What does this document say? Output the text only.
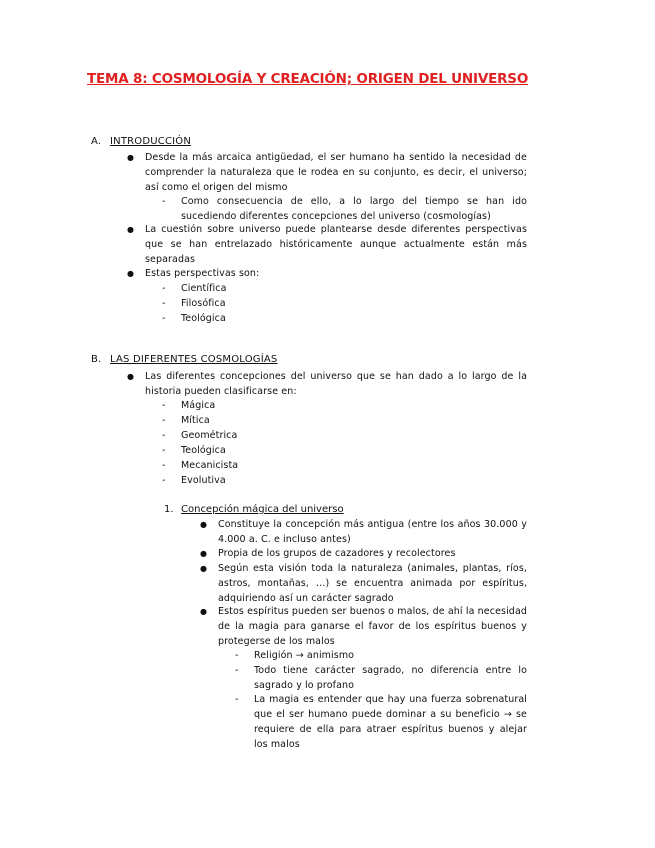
TEMA 8: COSMOLOGÍA Y CREACIÓN; ORIGEN DEL UNIVERSO
A. INTRODUCCIÓN
● Desde la más arcaica antigüedad, el ser humano ha sentido la necesidad de comprender la naturaleza que le rodea en su conjunto, es decir, el universo; así como el origen del mismo
- Como consecuencia de ello, a lo largo del tiempo se han ido sucediendo diferentes concepciones del universo (cosmologías)
● La cuestión sobre universo puede plantearse desde diferentes perspectivas que se han entrelazado históricamente aunque actualmente están más separadas
● Estas perspectivas son:
- Científica
- Filosófica
- Teológica
B. LAS DIFERENTES COSMOLOGÍAS
● Las diferentes concepciones del universo que se han dado a lo largo de la historia pueden clasificarse en:
- Mágica
- Mítica
- Geométrica
- Teológica
- Mecanicista
- Evolutiva
1. Concepción mágica del universo
● Constituye la concepción más antigua (entre los años 30.000 y 4.000 a. C. e incluso antes)
● Propia de los grupos de cazadores y recolectores
● Según esta visión toda la naturaleza (animales, plantas, ríos, astros, montañas, …) se encuentra animada por espíritus, adquiriendo así un carácter sagrado
● Estos espíritus pueden ser buenos o malos, de ahí la necesidad de la magia para ganarse el favor de los espíritus buenos y protegerse de los malos
- Religión → animismo
- Todo tiene carácter sagrado, no diferencia entre lo sagrado y lo profano
- La magia es entender que hay una fuerza sobrenatural que el ser humano puede dominar a su beneficio → se requiere de ella para atraer espíritus buenos y alejar los malos
